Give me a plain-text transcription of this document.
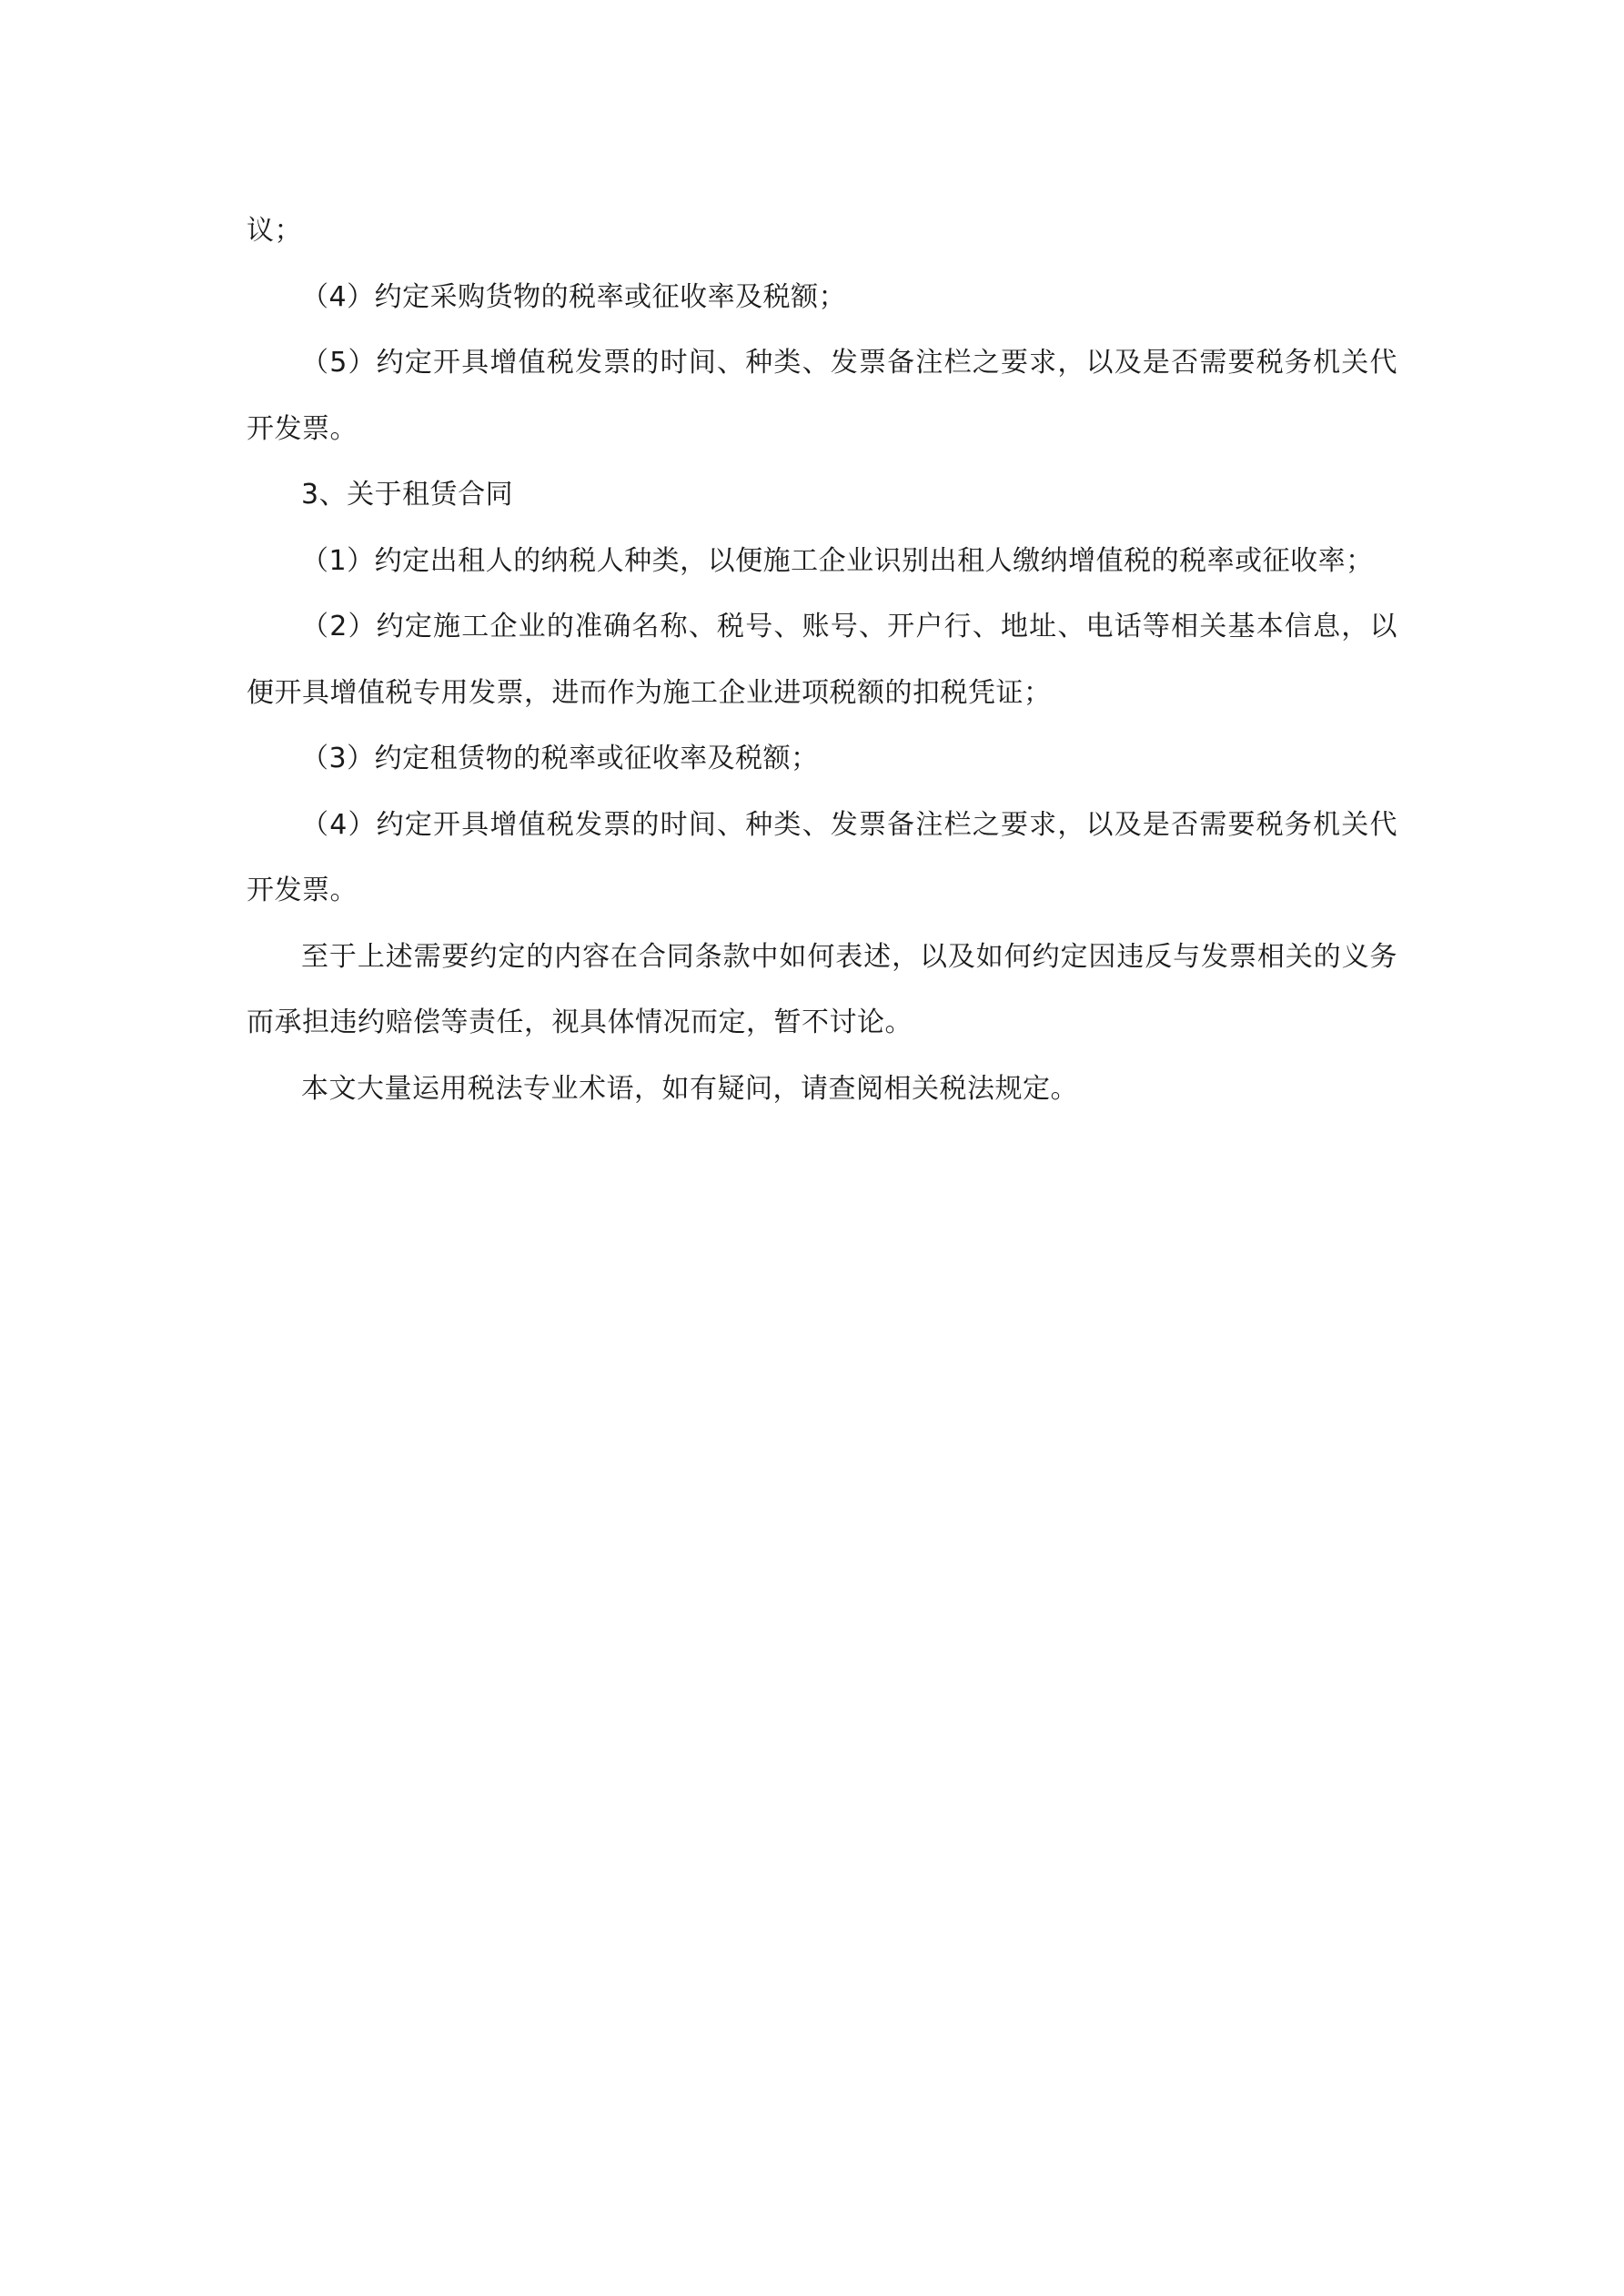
议；

（4）约定采购货物的税率或征收率及税额；

（5）约定开具增值税发票的时间、种类、发票备注栏之要求，以及是否需要税务机关代开发票。

3、关于租赁合同

（1）约定出租人的纳税人种类，以便施工企业识别出租人缴纳增值税的税率或征收率；

（2）约定施工企业的准确名称、税号、账号、开户行、地址、电话等相关基本信息，以便开具增值税专用发票，进而作为施工企业进项税额的扣税凭证；

（3）约定租赁物的税率或征收率及税额；

（4）约定开具增值税发票的时间、种类、发票备注栏之要求，以及是否需要税务机关代开发票。

至于上述需要约定的内容在合同条款中如何表述，以及如何约定因违反与发票相关的义务而承担违约赔偿等责任，视具体情况而定，暂不讨论。

本文大量运用税法专业术语，如有疑问，请查阅相关税法规定。
